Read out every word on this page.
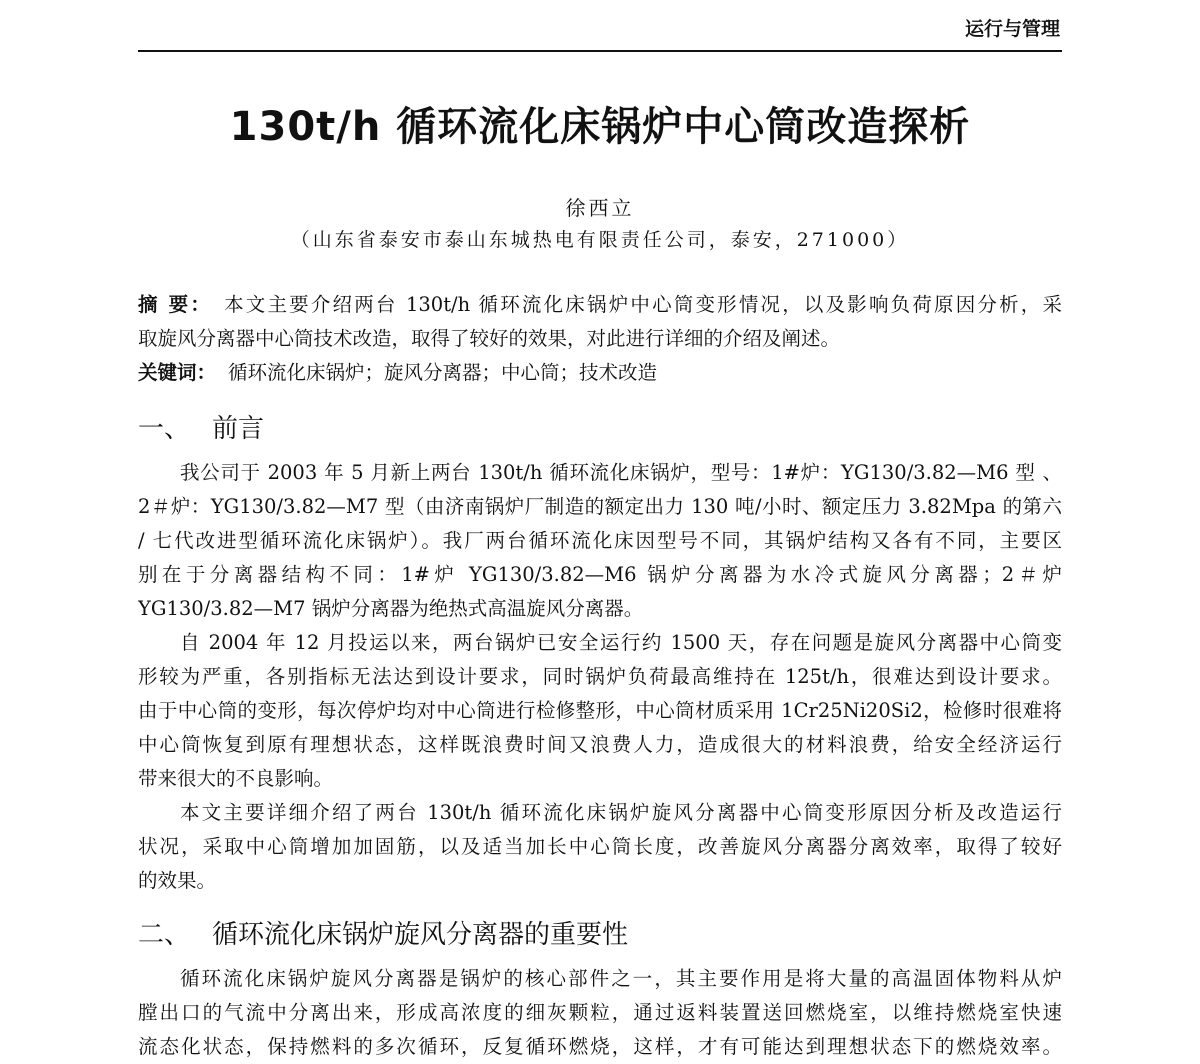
运行与管理
130t/h 循环流化床锅炉中心筒改造探析
徐西立
（山东省泰安市泰山东城热电有限责任公司，泰安，271000）
摘 要： 本文主要介绍两台 130t/h 循环流化床锅炉中心筒变形情况，以及影响负荷原因分析，采
取旋风分离器中心筒技术改造，取得了较好的效果，对此进行详细的介绍及阐述。
关键词： 循环流化床锅炉；旋风分离器；中心筒；技术改造
一、 前言
我公司于 2003 年 5 月新上两台 130t/h 循环流化床锅炉，型号：1#炉：YG130/3.82—M6 型 、
2＃炉：YG130/3.82—M7 型（由济南锅炉厂制造的额定出力 130 吨/小时、额定压力 3.82Mpa 的第六
/ 七代改进型循环流化床锅炉）。我厂两台循环流化床因型号不同，其锅炉结构又各有不同，主要区
别在于分离器结构不同：1#炉 YG130/3.82—M6 锅炉分离器为水冷式旋风分离器；2＃炉
YG130/3.82—M7 锅炉分离器为绝热式高温旋风分离器。
自 2004 年 12 月投运以来，两台锅炉已安全运行约 1500 天，存在问题是旋风分离器中心筒变
形较为严重，各别指标无法达到设计要求，同时锅炉负荷最高维持在 125t/h，很难达到设计要求。
由于中心筒的变形，每次停炉均对中心筒进行检修整形，中心筒材质采用 1Cr25Ni20Si2，检修时很难将
中心筒恢复到原有理想状态，这样既浪费时间又浪费人力，造成很大的材料浪费，给安全经济运行
带来很大的不良影响。
本文主要详细介绍了两台 130t/h 循环流化床锅炉旋风分离器中心筒变形原因分析及改造运行
状况，采取中心筒增加加固筋，以及适当加长中心筒长度，改善旋风分离器分离效率，取得了较好
的效果。
二、 循环流化床锅炉旋风分离器的重要性
循环流化床锅炉旋风分离器是锅炉的核心部件之一，其主要作用是将大量的高温固体物料从炉
膛出口的气流中分离出来，形成高浓度的细灰颗粒，通过返料装置送回燃烧室，以维持燃烧室快速
流态化状态，保持燃料的多次循环，反复循环燃烧，这样，才有可能达到理想状态下的燃烧效率。
